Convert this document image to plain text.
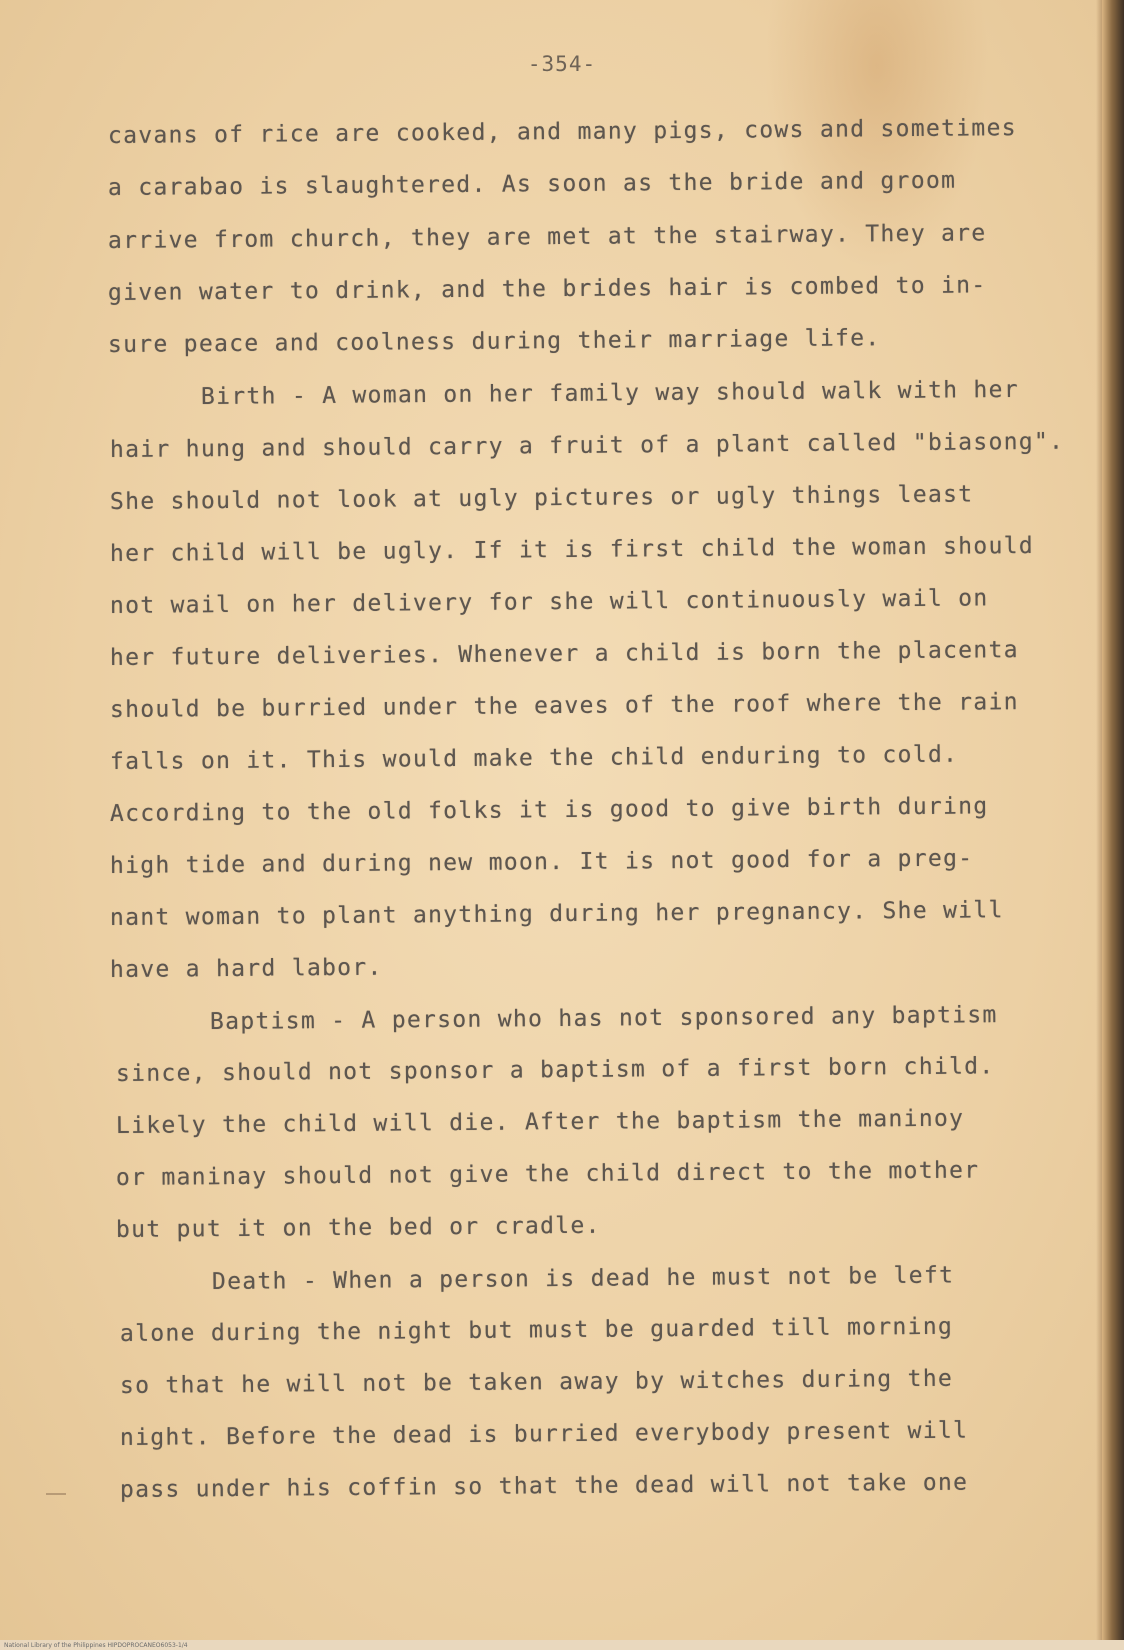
-354-
cavans of rice are cooked, and many pigs, cows and sometimes
a carabao is slaughtered. As soon as the bride and groom
arrive from church, they are met at the stairway. They are
given water to drink, and the brides hair is combed to in-
sure peace and coolness during their marriage life.
Birth - A woman on her family way should walk with her
hair hung and should carry a fruit of a plant called "biasong".
She should not look at ugly pictures or ugly things least
her child will be ugly. If it is first child the woman should
not wail on her delivery for she will continuously wail on
her future deliveries. Whenever a child is born the placenta
should be burried under the eaves of the roof where the rain
falls on it. This would make the child enduring to cold.
According to the old folks it is good to give birth during
high tide and during new moon. It is not good for a preg-
nant woman to plant anything during her pregnancy. She will
have a hard labor.
Baptism - A person who has not sponsored any baptism
since, should not sponsor a baptism of a first born child.
Likely the child will die. After the baptism the maninoy
or maninay should not give the child direct to the mother
but put it on the bed or cradle.
Death - When a person is dead he must not be left
alone during the night but must be guarded till morning
so that he will not be taken away by witches during the
night. Before the dead is burried everybody present will
pass under his coffin so that the dead will not take one
National Library of the Philippines HIPDOPROCANEO6053-1/4
